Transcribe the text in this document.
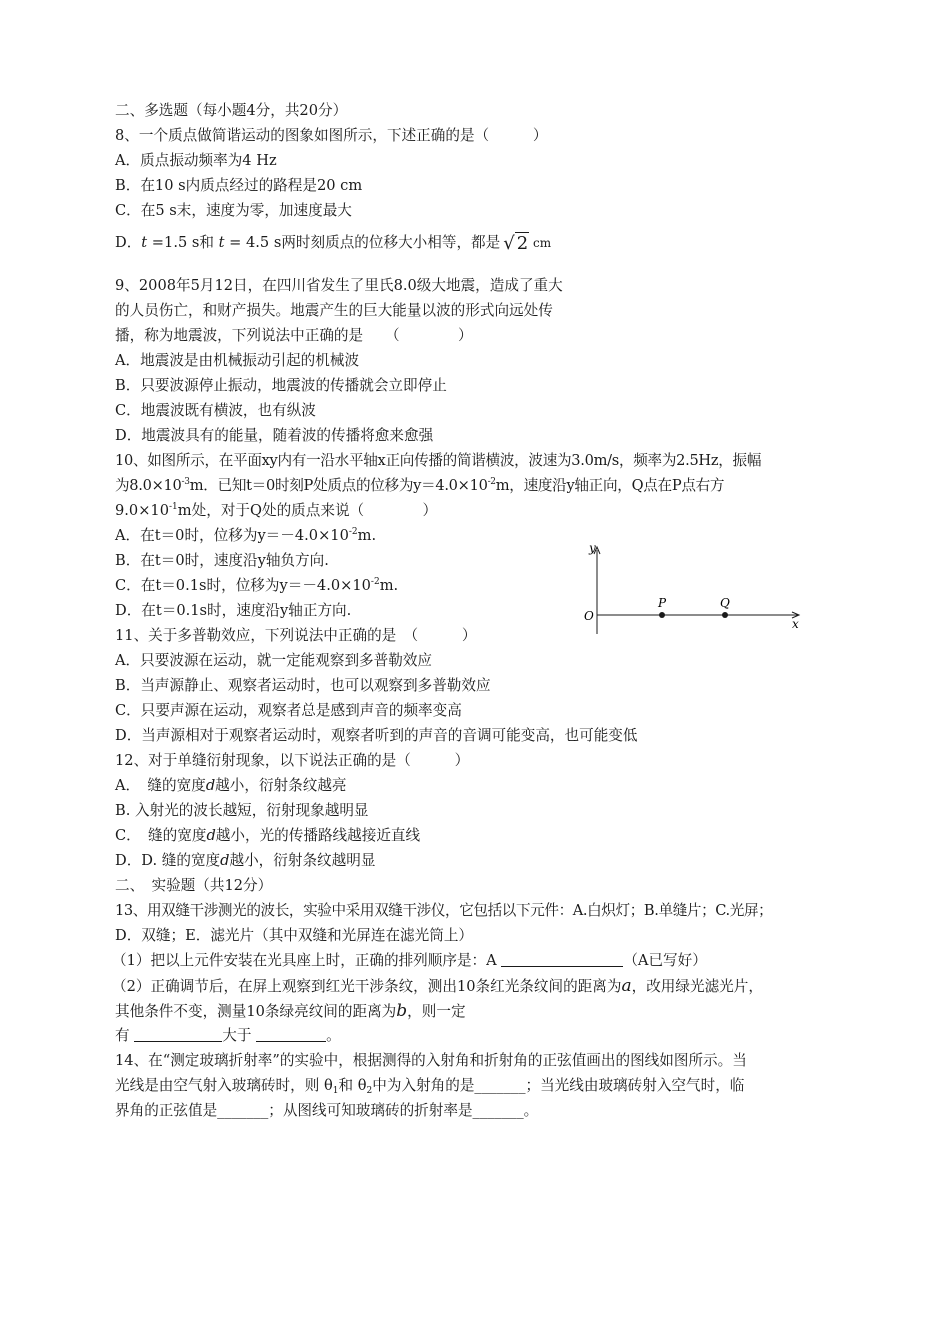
二、多选题（每小题4分，共20分）
8、一个质点做简谐运动的图象如图所示，下述正确的是（　　　）
A．质点振动频率为4 Hz
B．在10 s内质点经过的路程是20 cm
C．在5 s末，速度为零，加速度最大
D．t =1.5 s和 t = 4.5 s两时刻质点的位移大小相等，都是 √ 2 cm
9、2008年5月12日，在四川省发生了里氏8.0级大地震，造成了重大
的人员伤亡，和财产损失。地震产生的巨大能量以波的形式向远处传
播，称为地震波，下列说法中正确的是　　（　　　　）
A．地震波是由机械振动引起的机械波
B．只要波源停止振动，地震波的传播就会立即停止
C．地震波既有横波，也有纵波
D．地震波具有的能量，随着波的传播将愈来愈强
10、如图所示，在平面xy内有一沿水平轴x正向传播的简谐横波，波速为3.0m/s，频率为2.5Hz，振幅
为$8.0\times 10^{-3}m$．已知t＝0时刻P处质点的位移为$y=4.0\times 10^{-2}m$，速度沿y轴正向，Q点在P点右方
$9.0\times 10^{-1}m$处，对于Q处的质点来说（　　　　）
A．在t＝0时，位移为$y=-4.0\times 10^{-2}m$.
B．在t＝0时，速度沿y轴负方向.
C．在t＝0.1s时，位移为$y=-4.0\times 10^{-2}m$.
D．在t＝0.1s时，速度沿y轴正方向.
y
x
O
P	Q
11、关于多普勒效应，下列说法中正确的是　（　　　）
A．只要波源在运动，就一定能观察到多普勒效应
B．当声源静止、观察者运动时，也可以观察到多普勒效应
C．只要声源在运动，观察者总是感到声音的频率变高
D．当声源相对于观察者运动时，观察者听到的声音的音调可能变高，也可能变低
12、对于单缝衍射现象，以下说法正确的是（　　　）
A．　缝的宽度d越小，衍射条纹越亮
B. 入射光的波长越短，衍射现象越明显
C．　缝的宽度d越小，光的传播路线越接近直线
D．D. 缝的宽度d越小，衍射条纹越明显
二、　实验题（共12分）
13、用双缝干涉测光的波长，实验中采用双缝干涉仪，它包括以下元件：A.白炽灯；B.单缝片；C.光屏；
D．双缝；E．滤光片（其中双缝和光屏连在滤光筒上）
（1）把以上元件安装在光具座上时，正确的排列顺序是：A	（A已写好）
（2）正确调节后，在屏上观察到红光干涉条纹，测出10条红光条纹间的距离为a，改用绿光滤光片，
其他条件不变，测量10条绿亮纹间的距离为b，则一定
有	大于	。
14、在“测定玻璃折射率”的实验中，根据测得的入射角和折射角的正弦值画出的图线如图所示。当
光线是由空气射入玻璃砖时，则 $\theta_1$和 $\theta_2$中为入射角的是_______；当光线由玻璃砖射入空气时，临
界角的正弦值是_______；从图线可知玻璃砖的折射率是_______。
